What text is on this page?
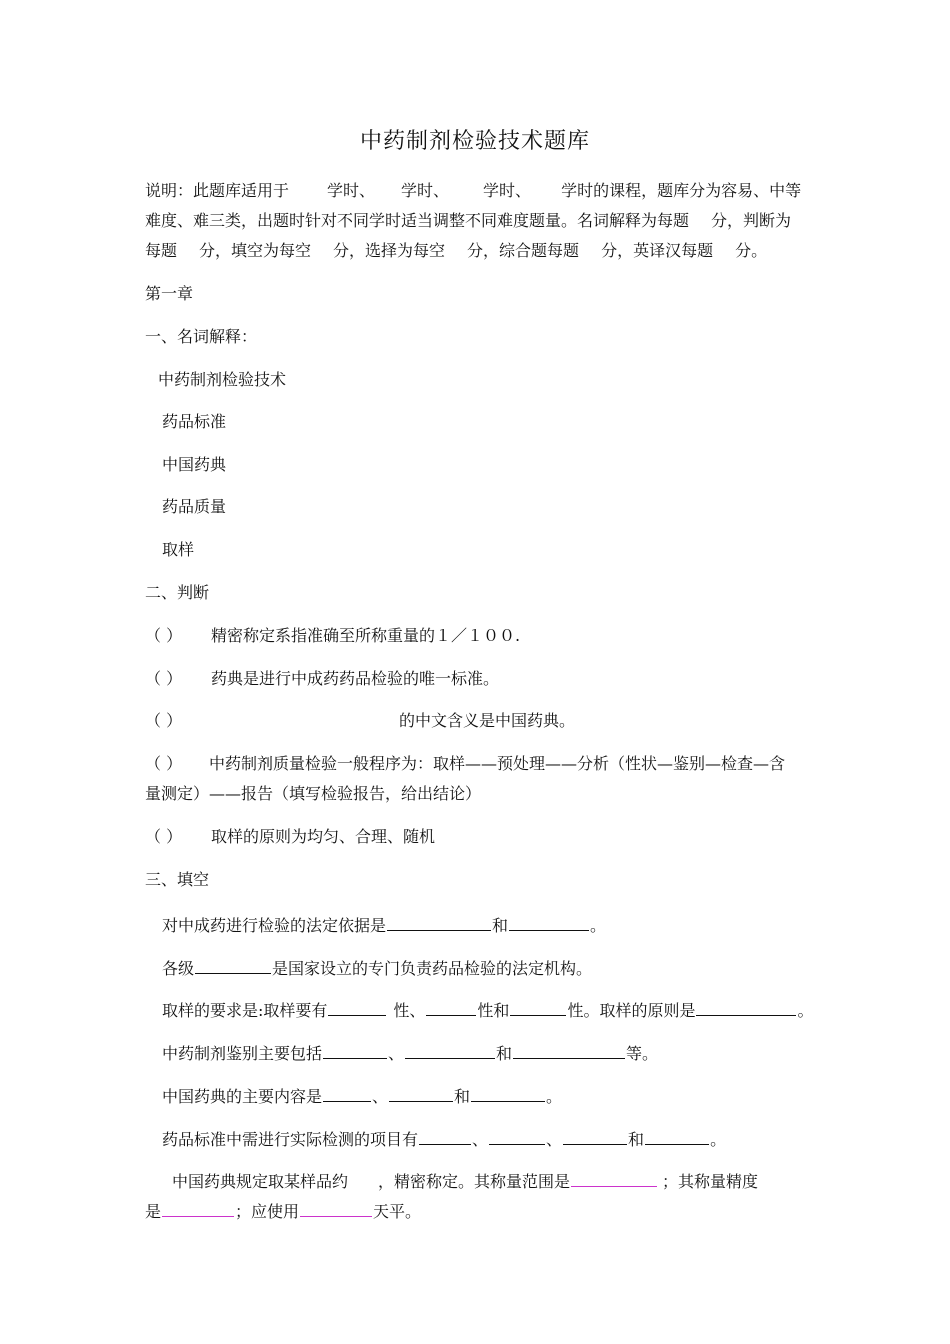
中药制剂检验技术题库
说明：此题库适用于 学时、 学时、 学时、 学时的课程，题库分为容易、中等
难度、难三类，出题时针对不同学时适当调整不同难度题量。名词解释为每题 分，判断为
每题 分，填空为每空 分，选择为每空 分，综合题每题 分，英译汉每题 分。
第一章
一、名词解释：
中药制剂检验技术
药品标准
中国药典
药品质量
取样
二、判断
（ ） 精密称定系指准确至所称重量的１／１００.
（ ） 药典是进行中成药药品检验的唯一标准。
（ ）	的中文含义是中国药典。
（ ） 中药制剂质量检验一般程序为：取样——预处理——分析（性状—鉴别—检查—含
量测定）——报告（填写检验报告，给出结论）
（ ） 取样的原则为均匀、合理、随机
三、填空
对中成药进行检验的法定依据是	和	。
各级	是国家设立的专门负责药品检验的法定机构。
取样的要求是:取样要有	性、	性和	性。取样的原则是	。
中药制剂鉴别主要包括	、	和	等。
中国药典的主要内容是	、	和	。
药品标准中需进行实际检测的项目有	、	、	和	。
中国药典规定取某样品约 ，精密称定。其称量范围是	；其称量精度
是	；应使用	天平。
